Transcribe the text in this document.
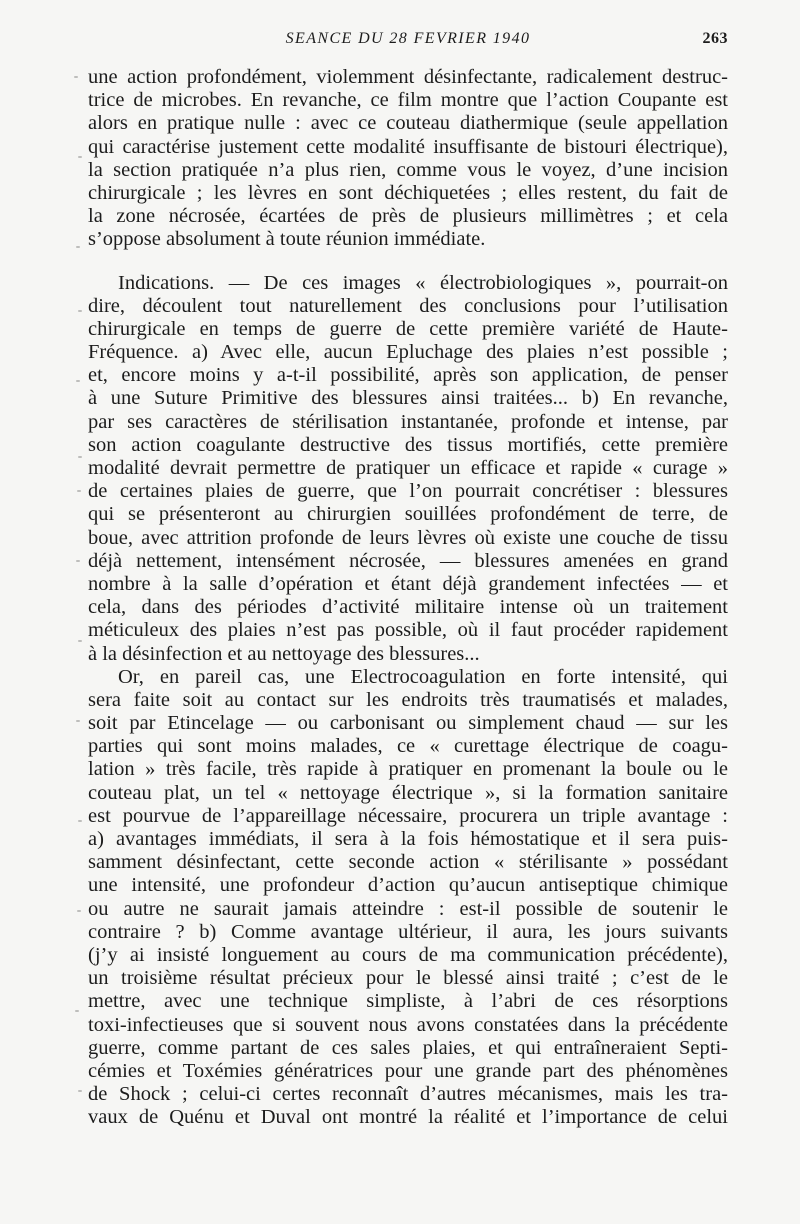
SEANCE DU 28 FEVRIER 1940	263
une action profondément, violemment désinfectante, radicalement destruc-
trice de microbes. En revanche, ce film montre que l’action Coupante est
alors en pratique nulle : avec ce couteau diathermique (seule appellation
qui caractérise justement cette modalité insuffisante de bistouri électrique),
la section pratiquée n’a plus rien, comme vous le voyez, d’une incision
chirurgicale ; les lèvres en sont déchiquetées ; elles restent, du fait de
la zone nécrosée, écartées de près de plusieurs millimètres ; et cela
s’oppose absolument à toute réunion immédiate.
Indications. — De ces images « électrobiologiques », pourrait-on
dire, découlent tout naturellement des conclusions pour l’utilisation
chirurgicale en temps de guerre de cette première variété de Haute-
Fréquence. a) Avec elle, aucun Epluchage des plaies n’est possible ;
et, encore moins y a-t-il possibilité, après son application, de penser
à une Suture Primitive des blessures ainsi traitées... b) En revanche,
par ses caractères de stérilisation instantanée, profonde et intense, par
son action coagulante destructive des tissus mortifiés, cette première
modalité devrait permettre de pratiquer un efficace et rapide « curage »
de certaines plaies de guerre, que l’on pourrait concrétiser : blessures
qui se présenteront au chirurgien souillées profondément de terre, de
boue, avec attrition profonde de leurs lèvres où existe une couche de tissu
déjà nettement, intensément nécrosée, — blessures amenées en grand
nombre à la salle d’opération et étant déjà grandement infectées — et
cela, dans des périodes d’activité militaire intense où un traitement
méticuleux des plaies n’est pas possible, où il faut procéder rapidement
à la désinfection et au nettoyage des blessures...
Or, en pareil cas, une Electrocoagulation en forte intensité, qui
sera faite soit au contact sur les endroits très traumatisés et malades,
soit par Etincelage — ou carbonisant ou simplement chaud — sur les
parties qui sont moins malades, ce « curettage électrique de coagu-
lation » très facile, très rapide à pratiquer en promenant la boule ou le
couteau plat, un tel « nettoyage électrique », si la formation sanitaire
est pourvue de l’appareillage nécessaire, procurera un triple avantage :
a) avantages immédiats, il sera à la fois hémostatique et il sera puis-
samment désinfectant, cette seconde action « stérilisante » possédant
une intensité, une profondeur d’action qu’aucun antiseptique chimique
ou autre ne saurait jamais atteindre : est-il possible de soutenir le
contraire ? b) Comme avantage ultérieur, il aura, les jours suivants
(j’y ai insisté longuement au cours de ma communication précédente),
un troisième résultat précieux pour le blessé ainsi traité ; c’est de le
mettre, avec une technique simpliste, à l’abri de ces résorptions
toxi-infectieuses que si souvent nous avons constatées dans la précédente
guerre, comme partant de ces sales plaies, et qui entraîneraient Septi-
cémies et Toxémies génératrices pour une grande part des phénomènes
de Shock ; celui-ci certes reconnaît d’autres mécanismes, mais les tra-
vaux de Quénu et Duval ont montré la réalité et l’importance de celui
